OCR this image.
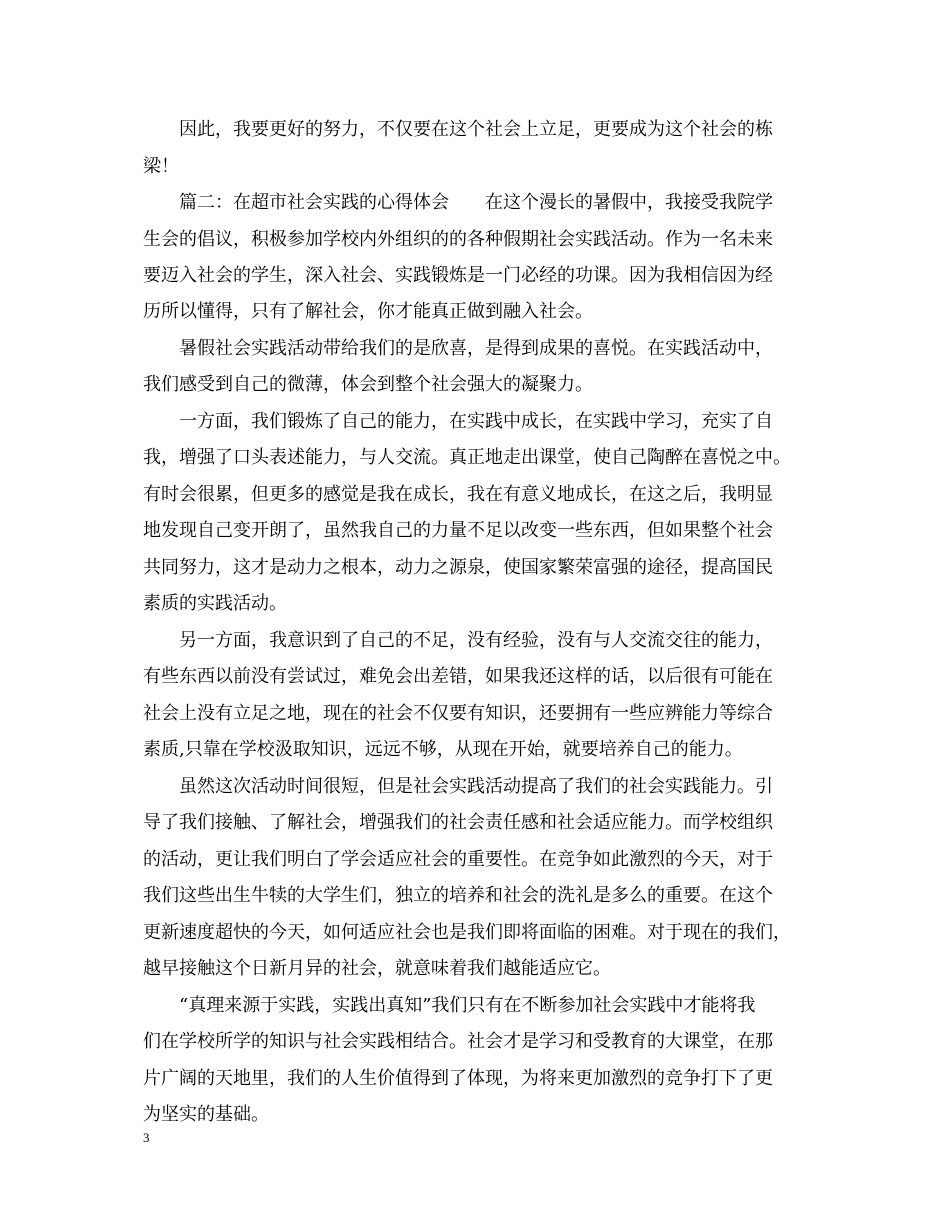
因此，我要更好的努力，不仅要在这个社会上立足，更要成为这个社会的栋
梁！
篇二：在超市社会实践的心得体会 在这个漫长的暑假中，我接受我院学
生会的倡议，积极参加学校内外组织的的各种假期社会实践活动。作为一名未来
要迈入社会的学生，深入社会、实践锻炼是一门必经的功课。因为我相信因为经
历所以懂得，只有了解社会，你才能真正做到融入社会。
暑假社会实践活动带给我们的是欣喜，是得到成果的喜悦。在实践活动中，
我们感受到自己的微薄，体会到整个社会强大的凝聚力。
一方面，我们锻炼了自己的能力，在实践中成长，在实践中学习，充实了自
我，增强了口头表述能力，与人交流。真正地走出课堂，使自己陶醉在喜悦之中。
有时会很累，但更多的感觉是我在成长，我在有意义地成长，在这之后，我明显
地发现自己变开朗了，虽然我自己的力量不足以改变一些东西，但如果整个社会
共同努力，这才是动力之根本，动力之源泉，使国家繁荣富强的途径，提高国民
素质的实践活动。
另一方面，我意识到了自己的不足，没有经验，没有与人交流交往的能力，
有些东西以前没有尝试过，难免会出差错，如果我还这样的话，以后很有可能在
社会上没有立足之地，现在的社会不仅要有知识，还要拥有一些应辨能力等综合
素质,只靠在学校汲取知识，远远不够，从现在开始，就要培养自己的能力。
虽然这次活动时间很短，但是社会实践活动提高了我们的社会实践能力。引
导了我们接触、了解社会，增强我们的社会责任感和社会适应能力。而学校组织
的活动，更让我们明白了学会适应社会的重要性。在竞争如此激烈的今天，对于
我们这些出生牛犊的大学生们，独立的培养和社会的洗礼是多么的重要。在这个
更新速度超快的今天，如何适应社会也是我们即将面临的困难。对于现在的我们，
越早接触这个日新月异的社会，就意味着我们越能适应它。
“真理来源于实践，实践出真知”我们只有在不断参加社会实践中才能将我
们在学校所学的知识与社会实践相结合。社会才是学习和受教育的大课堂，在那
片广阔的天地里，我们的人生价值得到了体现，为将来更加激烈的竞争打下了更
为坚实的基础。
3
